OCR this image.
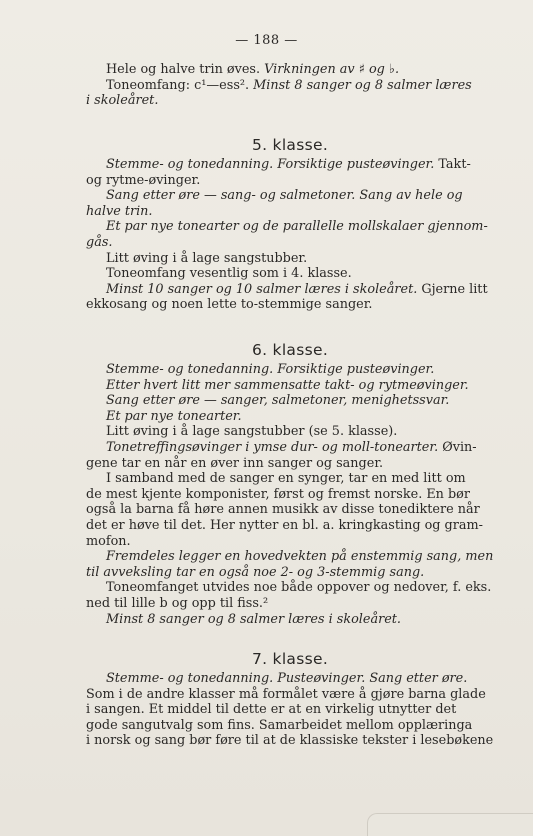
— 188 —
Hele og halve trin øves. Virkningen av ♯ og ♭.
Toneomfang: c¹—ess². Minst 8 sanger og 8 salmer læres
i skoleåret.
5. klasse.
Stemme- og tonedanning. Forsiktige pusteøvinger. Takt-
og rytme-øvinger.
Sang etter øre — sang- og salmetoner. Sang av hele og
halve trin.
Et par nye tonearter og de parallelle mollskalaer gjennom-
gås.
Litt øving i å lage sangstubber.
Toneomfang vesentlig som i 4. klasse.
Minst 10 sanger og 10 salmer læres i skoleåret. Gjerne litt
ekkosang og noen lette to-stemmige sanger.
6. klasse.
Stemme- og tonedanning. Forsiktige pusteøvinger.
Etter hvert litt mer sammensatte takt- og rytmeøvinger.
Sang etter øre — sanger, salmetoner, menighetssvar.
Et par nye tonearter.
Litt øving i å lage sangstubber (se 5. klasse).
Tonetreffingsøvinger i ymse dur- og moll-tonearter. Øvin-
gene tar en når en øver inn sanger og sanger.
I samband med de sanger en synger, tar en med litt om
de mest kjente komponister, først og fremst norske. En bør
også la barna få høre annen musikk av disse tonediktere når
det er høve til det. Her nytter en bl. a. kringkasting og gram-
mofon.
Fremdeles legger en hovedvekten på enstemmig sang, men
til avveksling tar en også noe 2- og 3-stemmig sang.
Toneomfanget utvides noe både oppover og nedover, f. eks.
ned til lille b og opp til fiss.²
Minst 8 sanger og 8 salmer læres i skoleåret.
7. klasse.
Stemme- og tonedanning. Pusteøvinger. Sang etter øre.
Som i de andre klasser må formålet være å gjøre barna glade
i sangen. Et middel til dette er at en virkelig utnytter det
gode sangutvalg som fins. Samarbeidet mellom opplæringa
i norsk og sang bør føre til at de klassiske tekster i lesebøkene
